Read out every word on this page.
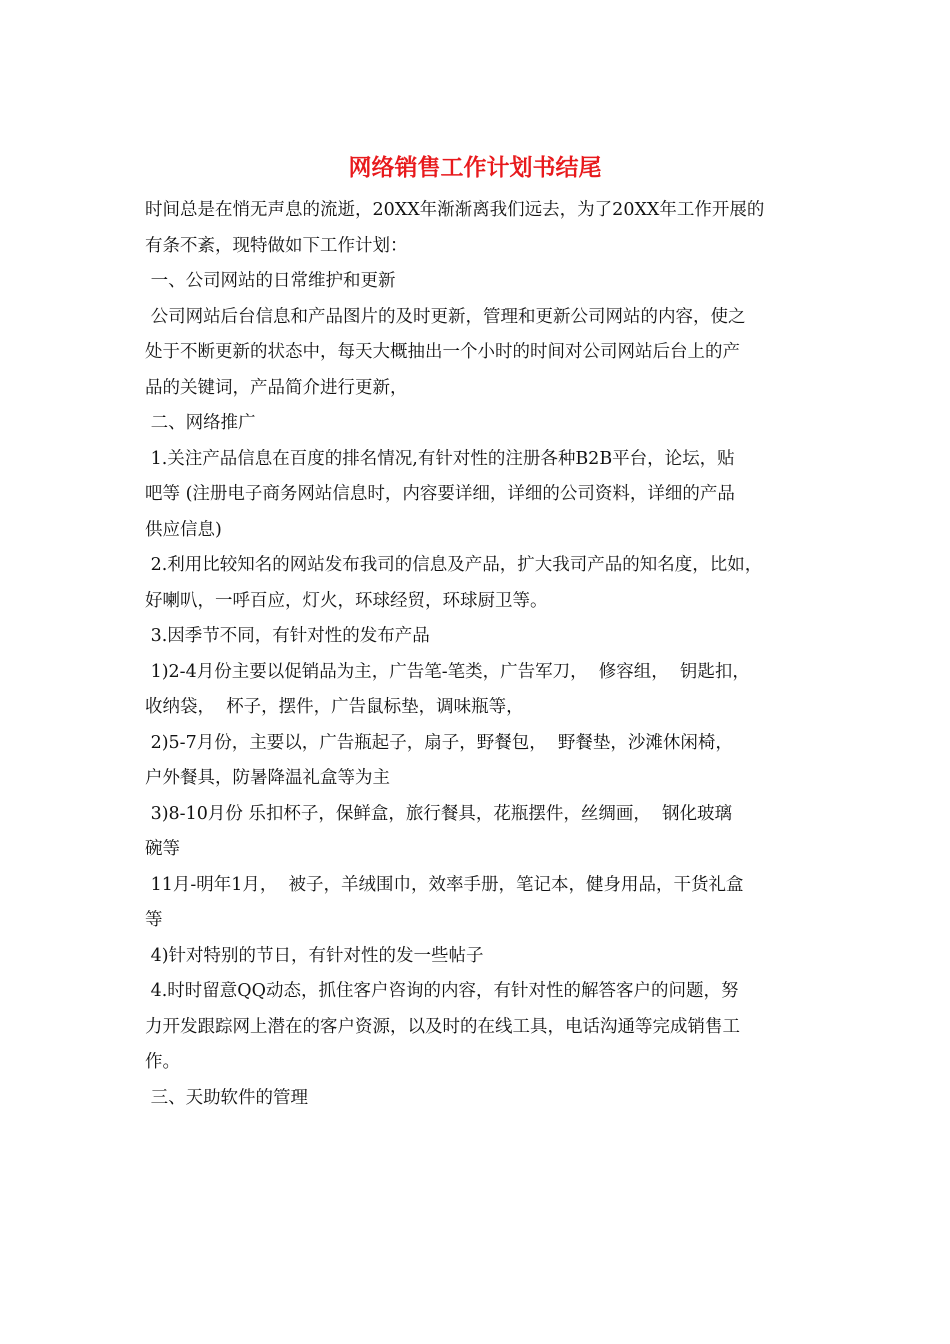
网络销售工作计划书结尾
时间总是在悄无声息的流逝，20XX年渐渐离我们远去，为了20XX年工作开展的
有条不紊，现特做如下工作计划：
一、公司网站的日常维护和更新
公司网站后台信息和产品图片的及时更新，管理和更新公司网站的内容，使之
处于不断更新的状态中，每天大概抽出一个小时的时间对公司网站后台上的产
品的关键词，产品简介进行更新，
二、网络推广
1.关注产品信息在百度的排名情况,有针对性的注册各种B2B平台，论坛，贴
吧等 (注册电子商务网站信息时，内容要详细，详细的公司资料，详细的产品
供应信息)
2.利用比较知名的网站发布我司的信息及产品，扩大我司产品的知名度，比如，
好喇叭，一呼百应，灯火，环球经贸，环球厨卫等。
3.因季节不同，有针对性的发布产品
1)2-4月份主要以促销品为主，广告笔-笔类，广告军刀，  修容组，  钥匙扣，
收纳袋，  杯子，摆件，广告鼠标垫，调味瓶等，
2)5-7月份，主要以，广告瓶起子，扇子，野餐包，  野餐垫，沙滩休闲椅，
户外餐具，防暑降温礼盒等为主
3)8-10月份 乐扣杯子，保鲜盒，旅行餐具，花瓶摆件，丝绸画，  钢化玻璃
碗等
11月-明年1月，  被子，羊绒围巾，效率手册，笔记本，健身用品，干货礼盒
等
4)针对特别的节日，有针对性的发一些帖子
4.时时留意QQ动态，抓住客户咨询的内容，有针对性的解答客户的问题，努
力开发跟踪网上潜在的客户资源，以及时的在线工具，电话沟通等完成销售工
作。
三、天助软件的管理
